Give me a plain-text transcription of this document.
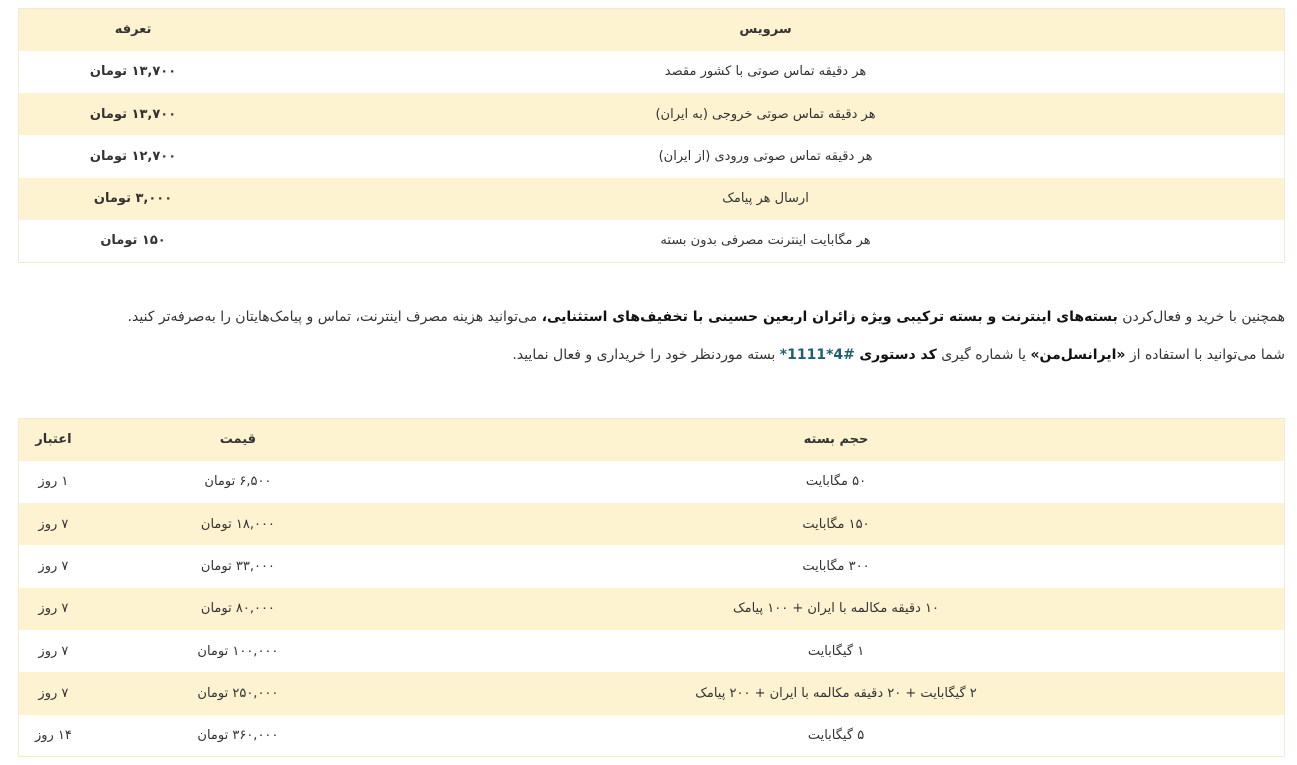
سرویس	تعرفه
هر دقیقه تماس صوتی با کشور مقصد	۱۳,۷۰۰ تومان
هر دقیقه تماس صوتی خروجی (به ایران)	۱۳,۷۰۰ تومان
هر دقیقه تماس صوتی ورودی (از ایران)	۱۲,۷۰۰ تومان
ارسال هر پیامک	۳,۰۰۰ تومان
هر مگابایت اینترنت مصرفی بدون بسته	۱۵۰ تومان
همچنین با خرید و فعال‌کردن بسته‌های اینترنت و بسته ترکیبی ویژه زائران اربعین حسینی با تخفیف‌های استثنایی، می‌توانید هزینه مصرف اینترنت، تماس و پیامک‌هایتان را به‌صرفه‌تر کنید.
شما می‌توانید با استفاده از «ایرانسل‌من» یا شماره گیری کد دستوری *1111*4# بسته موردنظر خود را خریداری و فعال نمایید.
حجم بسته	قیمت	اعتبار
۵۰ مگابایت	۶,۵۰۰ تومان	۱ روز
۱۵۰ مگابایت	۱۸,۰۰۰ تومان	۷ روز
۳۰۰ مگابایت	۳۳,۰۰۰ تومان	۷ روز
۱۰ دقیقه مکالمه با ایران + ۱۰۰ پیامک	۸۰,۰۰۰ تومان	۷ روز
۱ گیگابایت	۱۰۰,۰۰۰ تومان	۷ روز
۲ گیگابایت + ۲۰ دقیقه مکالمه با ایران + ۲۰۰ پیامک	۲۵۰,۰۰۰ تومان	۷ روز
۵ گیگابایت	۳۶۰,۰۰۰ تومان	۱۴ روز
